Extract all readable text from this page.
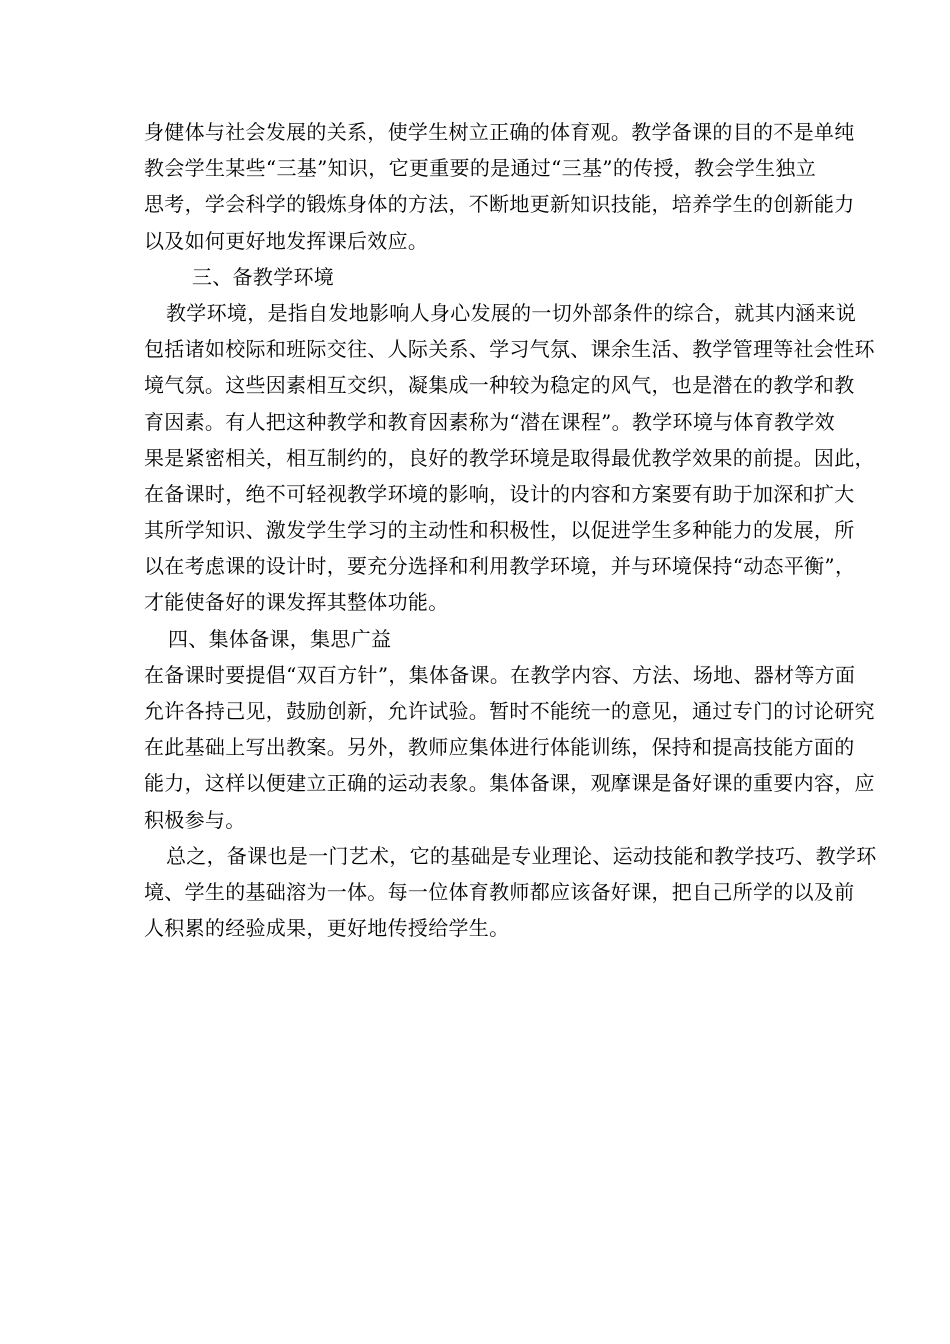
身健体与社会发展的关系，使学生树立正确的体育观。教学备课的目的不是单纯
教会学生某些“三基”知识，它更重要的是通过“三基”的传授，教会学生独立
思考，学会科学的锻炼身体的方法，不断地更新知识技能，培养学生的创新能力
以及如何更好地发挥课后效应。
三、备教学环境
教学环境，是指自发地影响人身心发展的一切外部条件的综合，就其内涵来说
包括诸如校际和班际交往、人际关系、学习气氛、课余生活、教学管理等社会性环
境气氛。这些因素相互交织，凝集成一种较为稳定的风气，也是潜在的教学和教
育因素。有人把这种教学和教育因素称为“潜在课程”。教学环境与体育教学效
果是紧密相关，相互制约的，良好的教学环境是取得最优教学效果的前提。因此，
在备课时，绝不可轻视教学环境的影响，设计的内容和方案要有助于加深和扩大
其所学知识、激发学生学习的主动性和积极性，以促进学生多种能力的发展，所
以在考虑课的设计时，要充分选择和利用教学环境，并与环境保持“动态平衡”，
才能使备好的课发挥其整体功能。
四、集体备课，集思广益
在备课时要提倡“双百方针”，集体备课。在教学内容、方法、场地、器材等方面
允许各持己见，鼓励创新，允许试验。暂时不能统一的意见，通过专门的讨论研究
在此基础上写出教案。另外，教师应集体进行体能训练，保持和提高技能方面的
能力，这样以便建立正确的运动表象。集体备课，观摩课是备好课的重要内容，应
积极参与。
总之，备课也是一门艺术，它的基础是专业理论、运动技能和教学技巧、教学环
境、学生的基础溶为一体。每一位体育教师都应该备好课，把自己所学的以及前
人积累的经验成果，更好地传授给学生。
